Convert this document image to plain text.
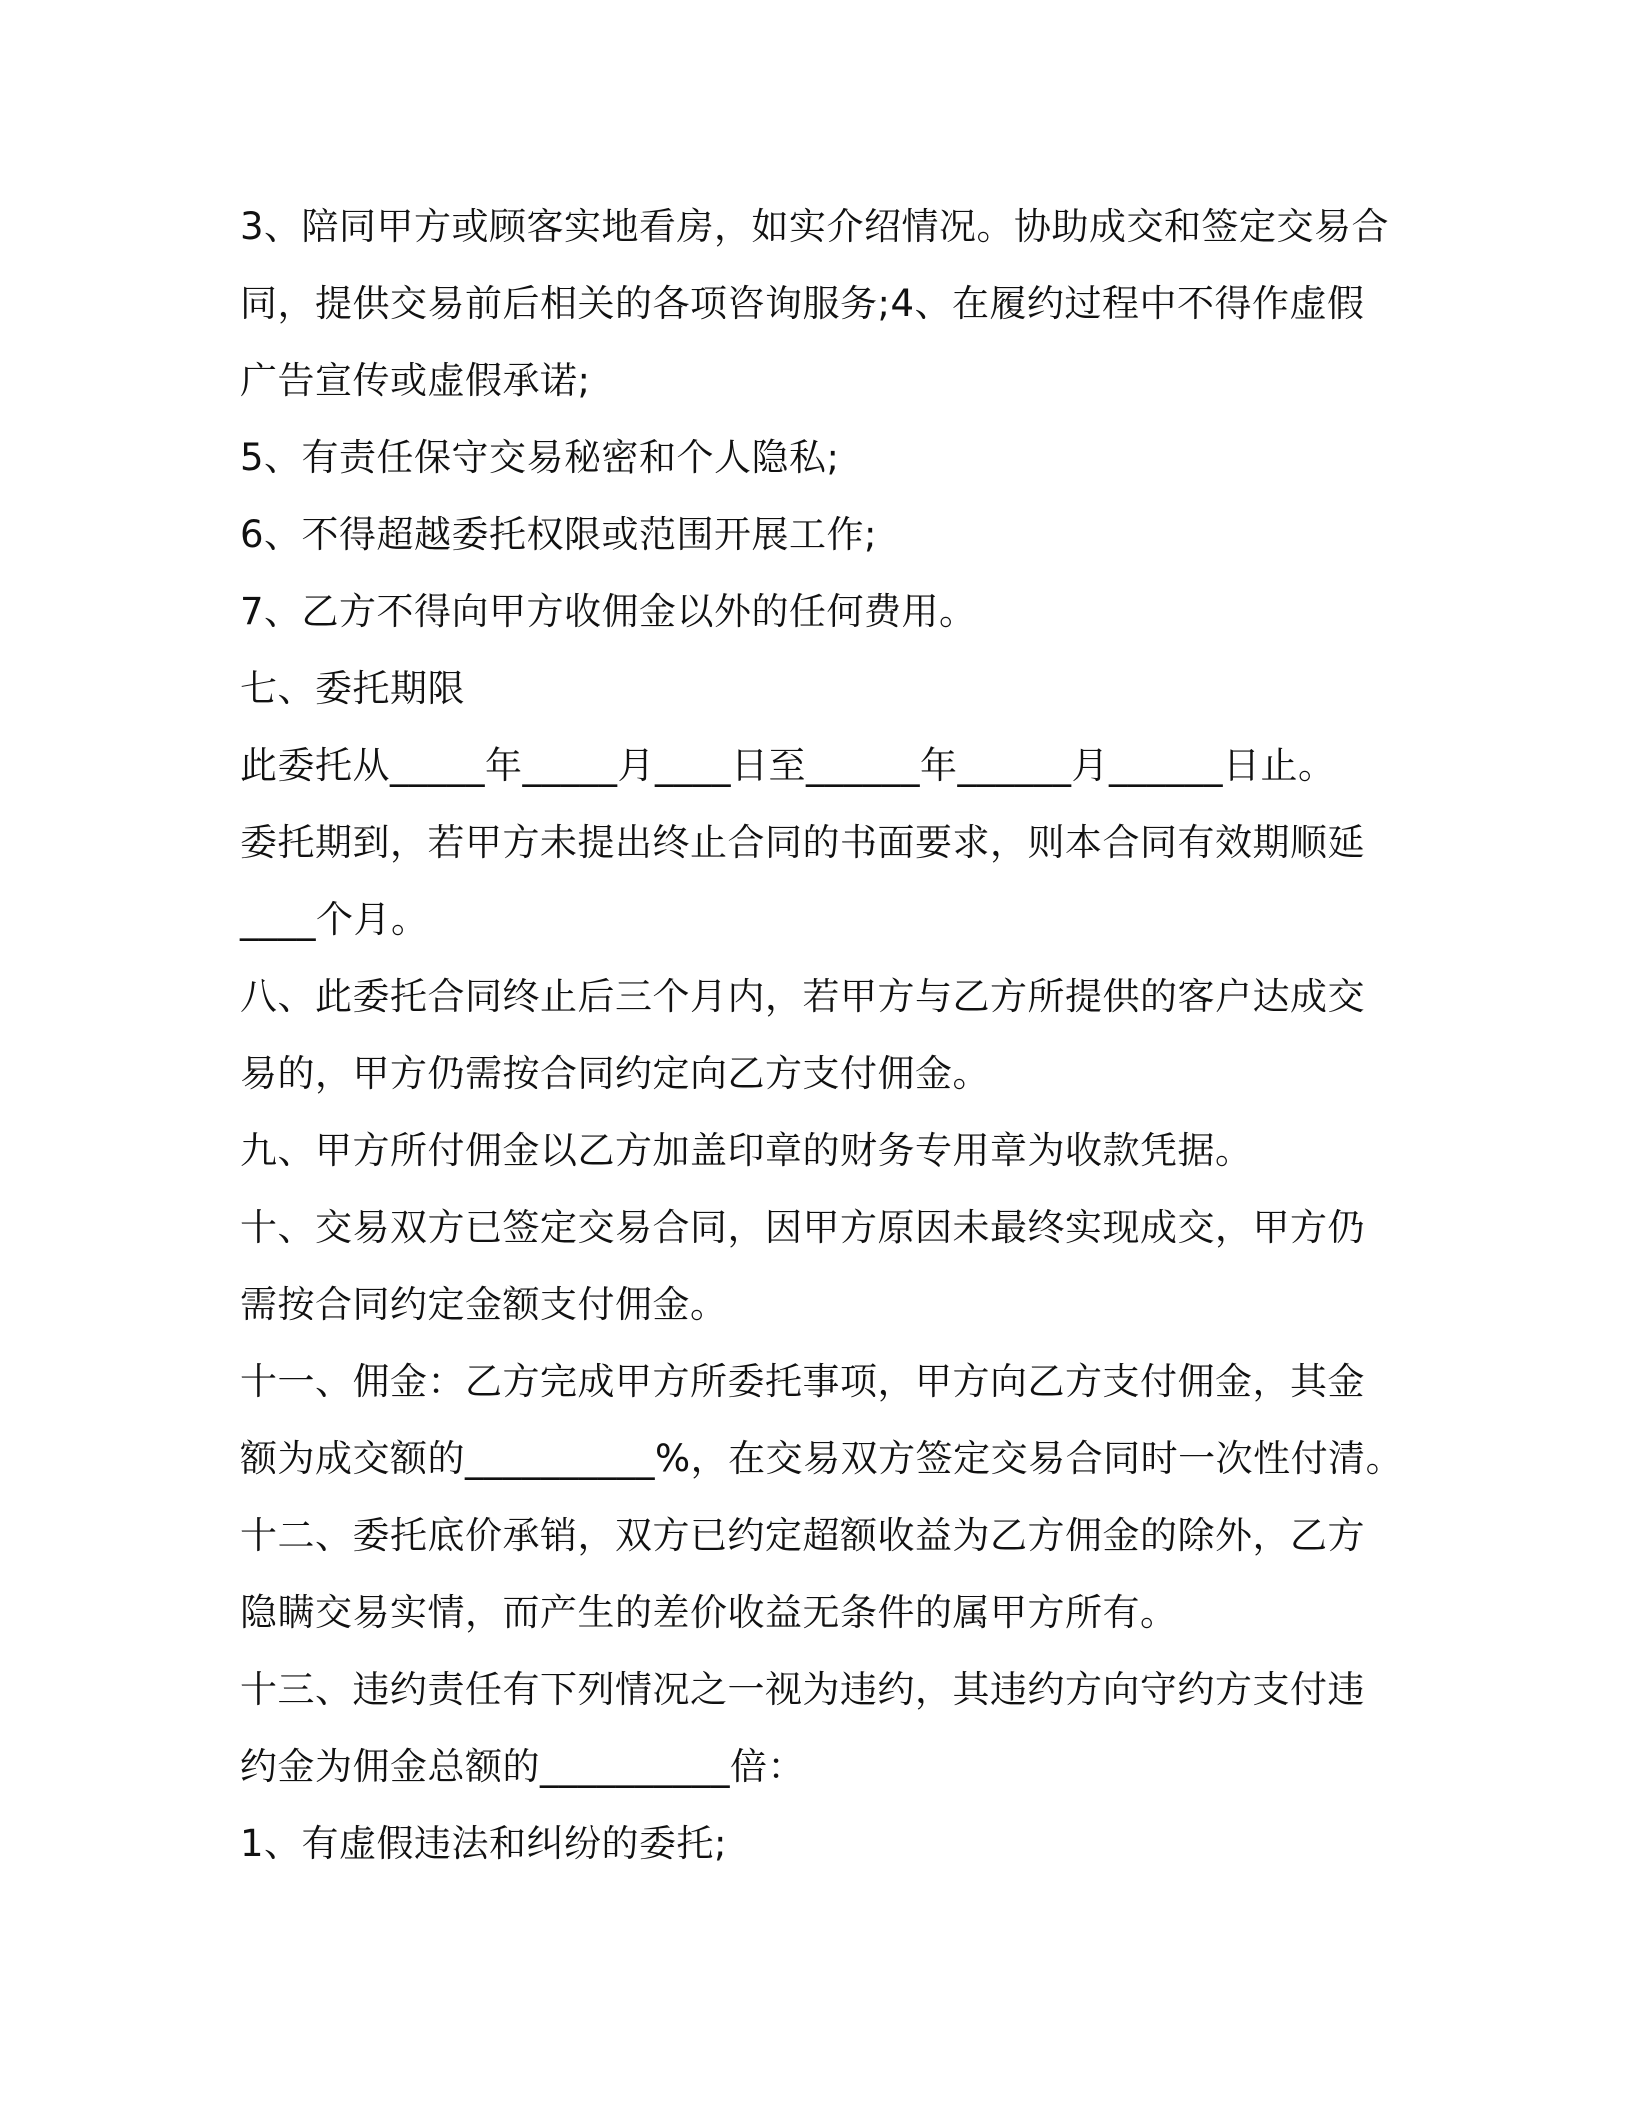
3、陪同甲方或顾客实地看房，如实介绍情况。协助成交和签定交易合
同，提供交易前后相关的各项咨询服务;4、在履约过程中不得作虚假
广告宣传或虚假承诺;
5、有责任保守交易秘密和个人隐私;
6、不得超越委托权限或范围开展工作;
7、乙方不得向甲方收佣金以外的任何费用。
七、委托期限
此委托从_____年_____月____日至______年______月______日止。
委托期到，若甲方未提出终止合同的书面要求，则本合同有效期顺延
____个月。
八、此委托合同终止后三个月内，若甲方与乙方所提供的客户达成交
易的，甲方仍需按合同约定向乙方支付佣金。
九、甲方所付佣金以乙方加盖印章的财务专用章为收款凭据。
十、交易双方已签定交易合同，因甲方原因未最终实现成交，甲方仍
需按合同约定金额支付佣金。
十一、佣金：乙方完成甲方所委托事项，甲方向乙方支付佣金，其金
额为成交额的__________%，在交易双方签定交易合同时一次性付清。
十二、委托底价承销，双方已约定超额收益为乙方佣金的除外，乙方
隐瞒交易实情，而产生的差价收益无条件的属甲方所有。
十三、违约责任有下列情况之一视为违约，其违约方向守约方支付违
约金为佣金总额的__________倍：
1、有虚假违法和纠纷的委托;
